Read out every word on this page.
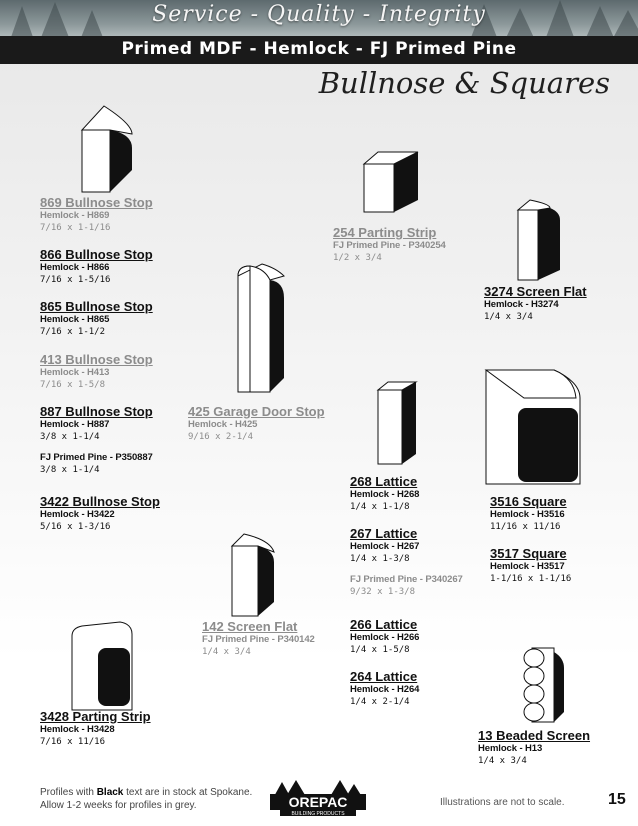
Service - Quality - Integrity
Primed MDF - Hemlock - FJ Primed Pine
Bullnose & Squares
869 Bullnose Stop
Hemlock - H869
7/16 x 1-1/16
866 Bullnose Stop
Hemlock - H866
7/16 x 1-5/16
865 Bullnose Stop
Hemlock - H865
7/16 x 1-1/2
413 Bullnose Stop
Hemlock - H413
7/16 x 1-5/8
887 Bullnose Stop
Hemlock - H887
3/8 x 1-1/4
FJ Primed Pine - P350887
3/8 x 1-1/4
3422 Bullnose Stop
Hemlock - H3422
5/16 x 1-3/16
3428 Parting Strip
Hemlock - H3428
7/16 x 11/16
425 Garage Door Stop
Hemlock - H425
9/16 x 2-1/4
254 Parting Strip
FJ Primed Pine - P340254
1/2 x 3/4
142 Screen Flat
FJ Primed Pine - P340142
1/4 x 3/4
268 Lattice
Hemlock - H268
1/4 x 1-1/8
267 Lattice
Hemlock - H267
1/4 x 1-3/8
FJ Primed Pine - P340267
9/32 x 1-3/8
266 Lattice
Hemlock - H266
1/4 x 1-5/8
264 Lattice
Hemlock - H264
1/4 x 2-1/4
3274 Screen Flat
Hemlock - H3274
1/4 x 3/4
3516 Square
Hemlock - H3516
11/16 x 11/16
3517 Square
Hemlock - H3517
1-1/16 x 1-1/16
13 Beaded Screen
Hemlock - H13
1/4 x 3/4
Profiles with Black text are in stock at Spokane.
Allow 1-2 weeks for profiles in grey.	OREPAC
BUILDING PRODUCTS
Illustrations are not to scale.	15
